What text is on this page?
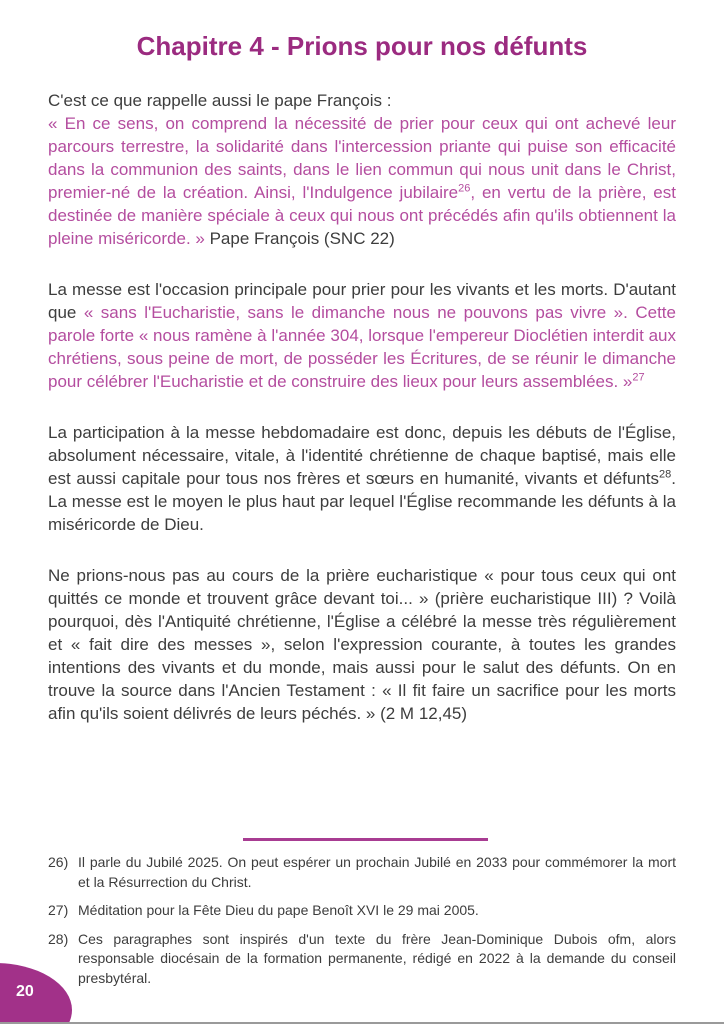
Chapitre 4 - Prions pour nos défunts

C'est ce que rappelle aussi le pape François :
« En ce sens, on comprend la nécessité de prier pour ceux qui ont achevé leur parcours terrestre, la solidarité dans l'intercession priante qui puise son efficacité dans la communion des saints, dans le lien commun qui nous unit dans le Christ, premier-né de la création. Ainsi, l'Indulgence jubilaire$^{26}$, en vertu de la prière, est destinée de manière spéciale à ceux qui nous ont précédés afin qu'ils obtiennent la pleine miséricorde. » Pape François (SNC 22)

La messe est l'occasion principale pour prier pour les vivants et les morts. D'autant que « sans l'Eucharistie, sans le dimanche nous ne pouvons pas vivre ». Cette parole forte « nous ramène à l'année 304, lorsque l'empereur Dioclétien interdit aux chrétiens, sous peine de mort, de posséder les Écritures, de se réunir le dimanche pour célébrer l'Eucharistie et de construire des lieux pour leurs assemblées. »$^{27}$

La participation à la messe hebdomadaire est donc, depuis les débuts de l'Église, absolument nécessaire, vitale, à l'identité chrétienne de chaque baptisé, mais elle est aussi capitale pour tous nos frères et sœurs en humanité, vivants et défunts$^{28}$. La messe est le moyen le plus haut par lequel l'Église recommande les défunts à la miséricorde de Dieu.

Ne prions-nous pas au cours de la prière eucharistique « pour tous ceux qui ont quittés ce monde et trouvent grâce devant toi... » (prière eucharistique III) ? Voilà pourquoi, dès l'Antiquité chrétienne, l'Église a célébré la messe très régulièrement et « fait dire des messes », selon l'expression courante, à toutes les grandes intentions des vivants et du monde, mais aussi pour le salut des défunts. On en trouve la source dans l'Ancien Testament : « Il fit faire un sacrifice pour les morts afin qu'ils soient délivrés de leurs péchés. » (2 M 12,45)

26) Il parle du Jubilé 2025. On peut espérer un prochain Jubilé en 2033 pour commémorer la mort et la Résurrection du Christ.
27) Méditation pour la Fête Dieu du pape Benoît XVI le 29 mai 2005.
28) Ces paragraphes sont inspirés d'un texte du frère Jean-Dominique Dubois ofm, alors responsable diocésain de la formation permanente, rédigé en 2022 à la demande du conseil presbytéral.
20
